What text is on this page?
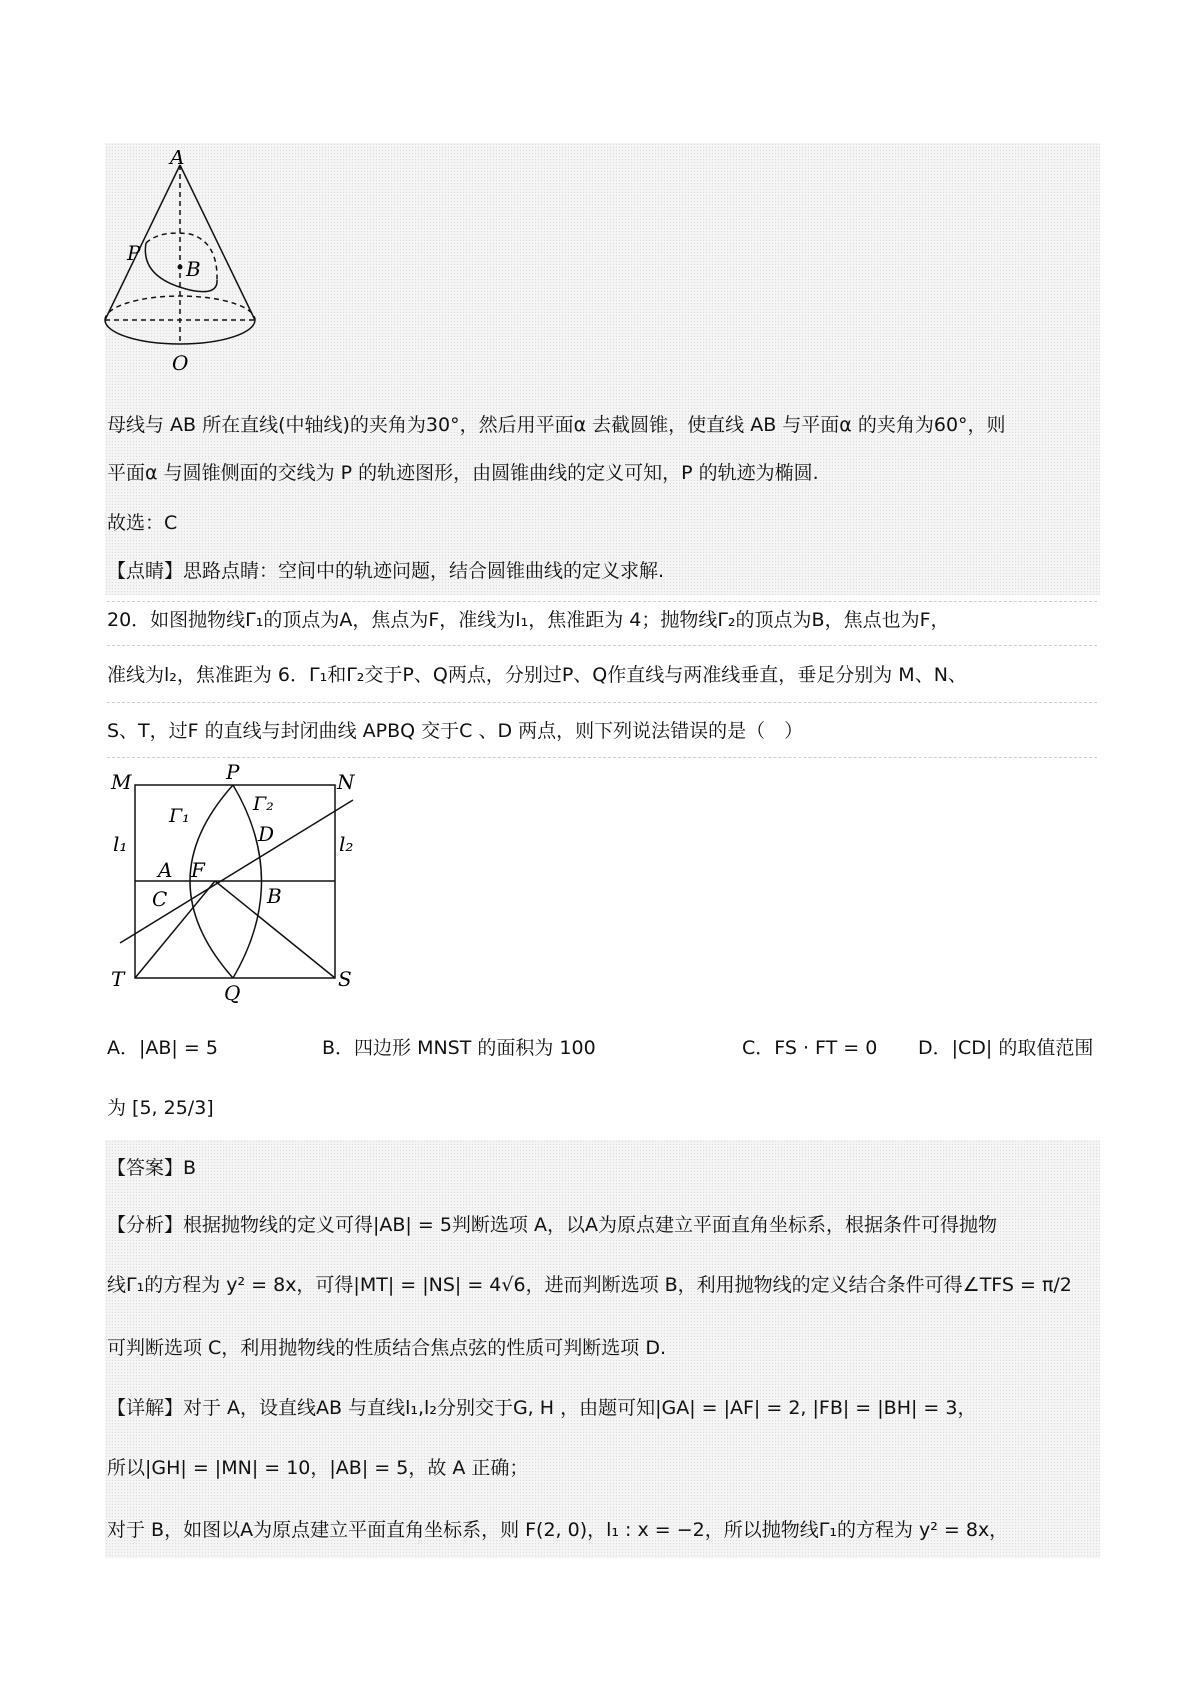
A
P
B
O
母线与 AB 所在直线(中轴线)的夹角为30°，然后用平面α 去截圆锥，使直线 AB 与平面α 的夹角为60°，则
平面α 与圆锥侧面的交线为 P 的轨迹图形，由圆锥曲线的定义可知，P 的轨迹为椭圆.
故选：C
【点睛】思路点睛：空间中的轨迹问题，结合圆锥曲线的定义求解.
20．如图抛物线Γ₁的顶点为A，焦点为F，准线为l₁，焦准距为 4；抛物线Γ₂的顶点为B，焦点也为F，
准线为l₂，焦准距为 6．Γ₁和Γ₂交于P、Q两点，分别过P、Q作直线与两准线垂直，垂足分别为 M、N、
S、T，过F 的直线与封闭曲线 APBQ 交于C 、D 两点，则下列说法错误的是（　）
M	P	N
Γ₁
Γ₂
D
l₁	l₂
A F
C	B
T
Q
S
A．|AB| = 5	B．四边形 MNST 的面积为 100	C．FS · FT = 0 D．|CD| 的取值范围
为 [5, 25/3]
【答案】B
【分析】根据抛物线的定义可得|AB| = 5判断选项 A，以A为原点建立平面直角坐标系，根据条件可得抛物
线Γ₁的方程为 y² = 8x，可得|MT| = |NS| = 4√6，进而判断选项 B，利用抛物线的定义结合条件可得∠TFS = π/2
可判断选项 C，利用抛物线的性质结合焦点弦的性质可判断选项 D.
【详解】对于 A，设直线AB 与直线l₁,l₂分别交于G, H ，由题可知|GA| = |AF| = 2, |FB| = |BH| = 3，
所以|GH| = |MN| = 10，|AB| = 5，故 A 正确；
对于 B，如图以A为原点建立平面直角坐标系，则 F(2, 0)，l₁ : x = −2，所以抛物线Γ₁的方程为 y² = 8x，
